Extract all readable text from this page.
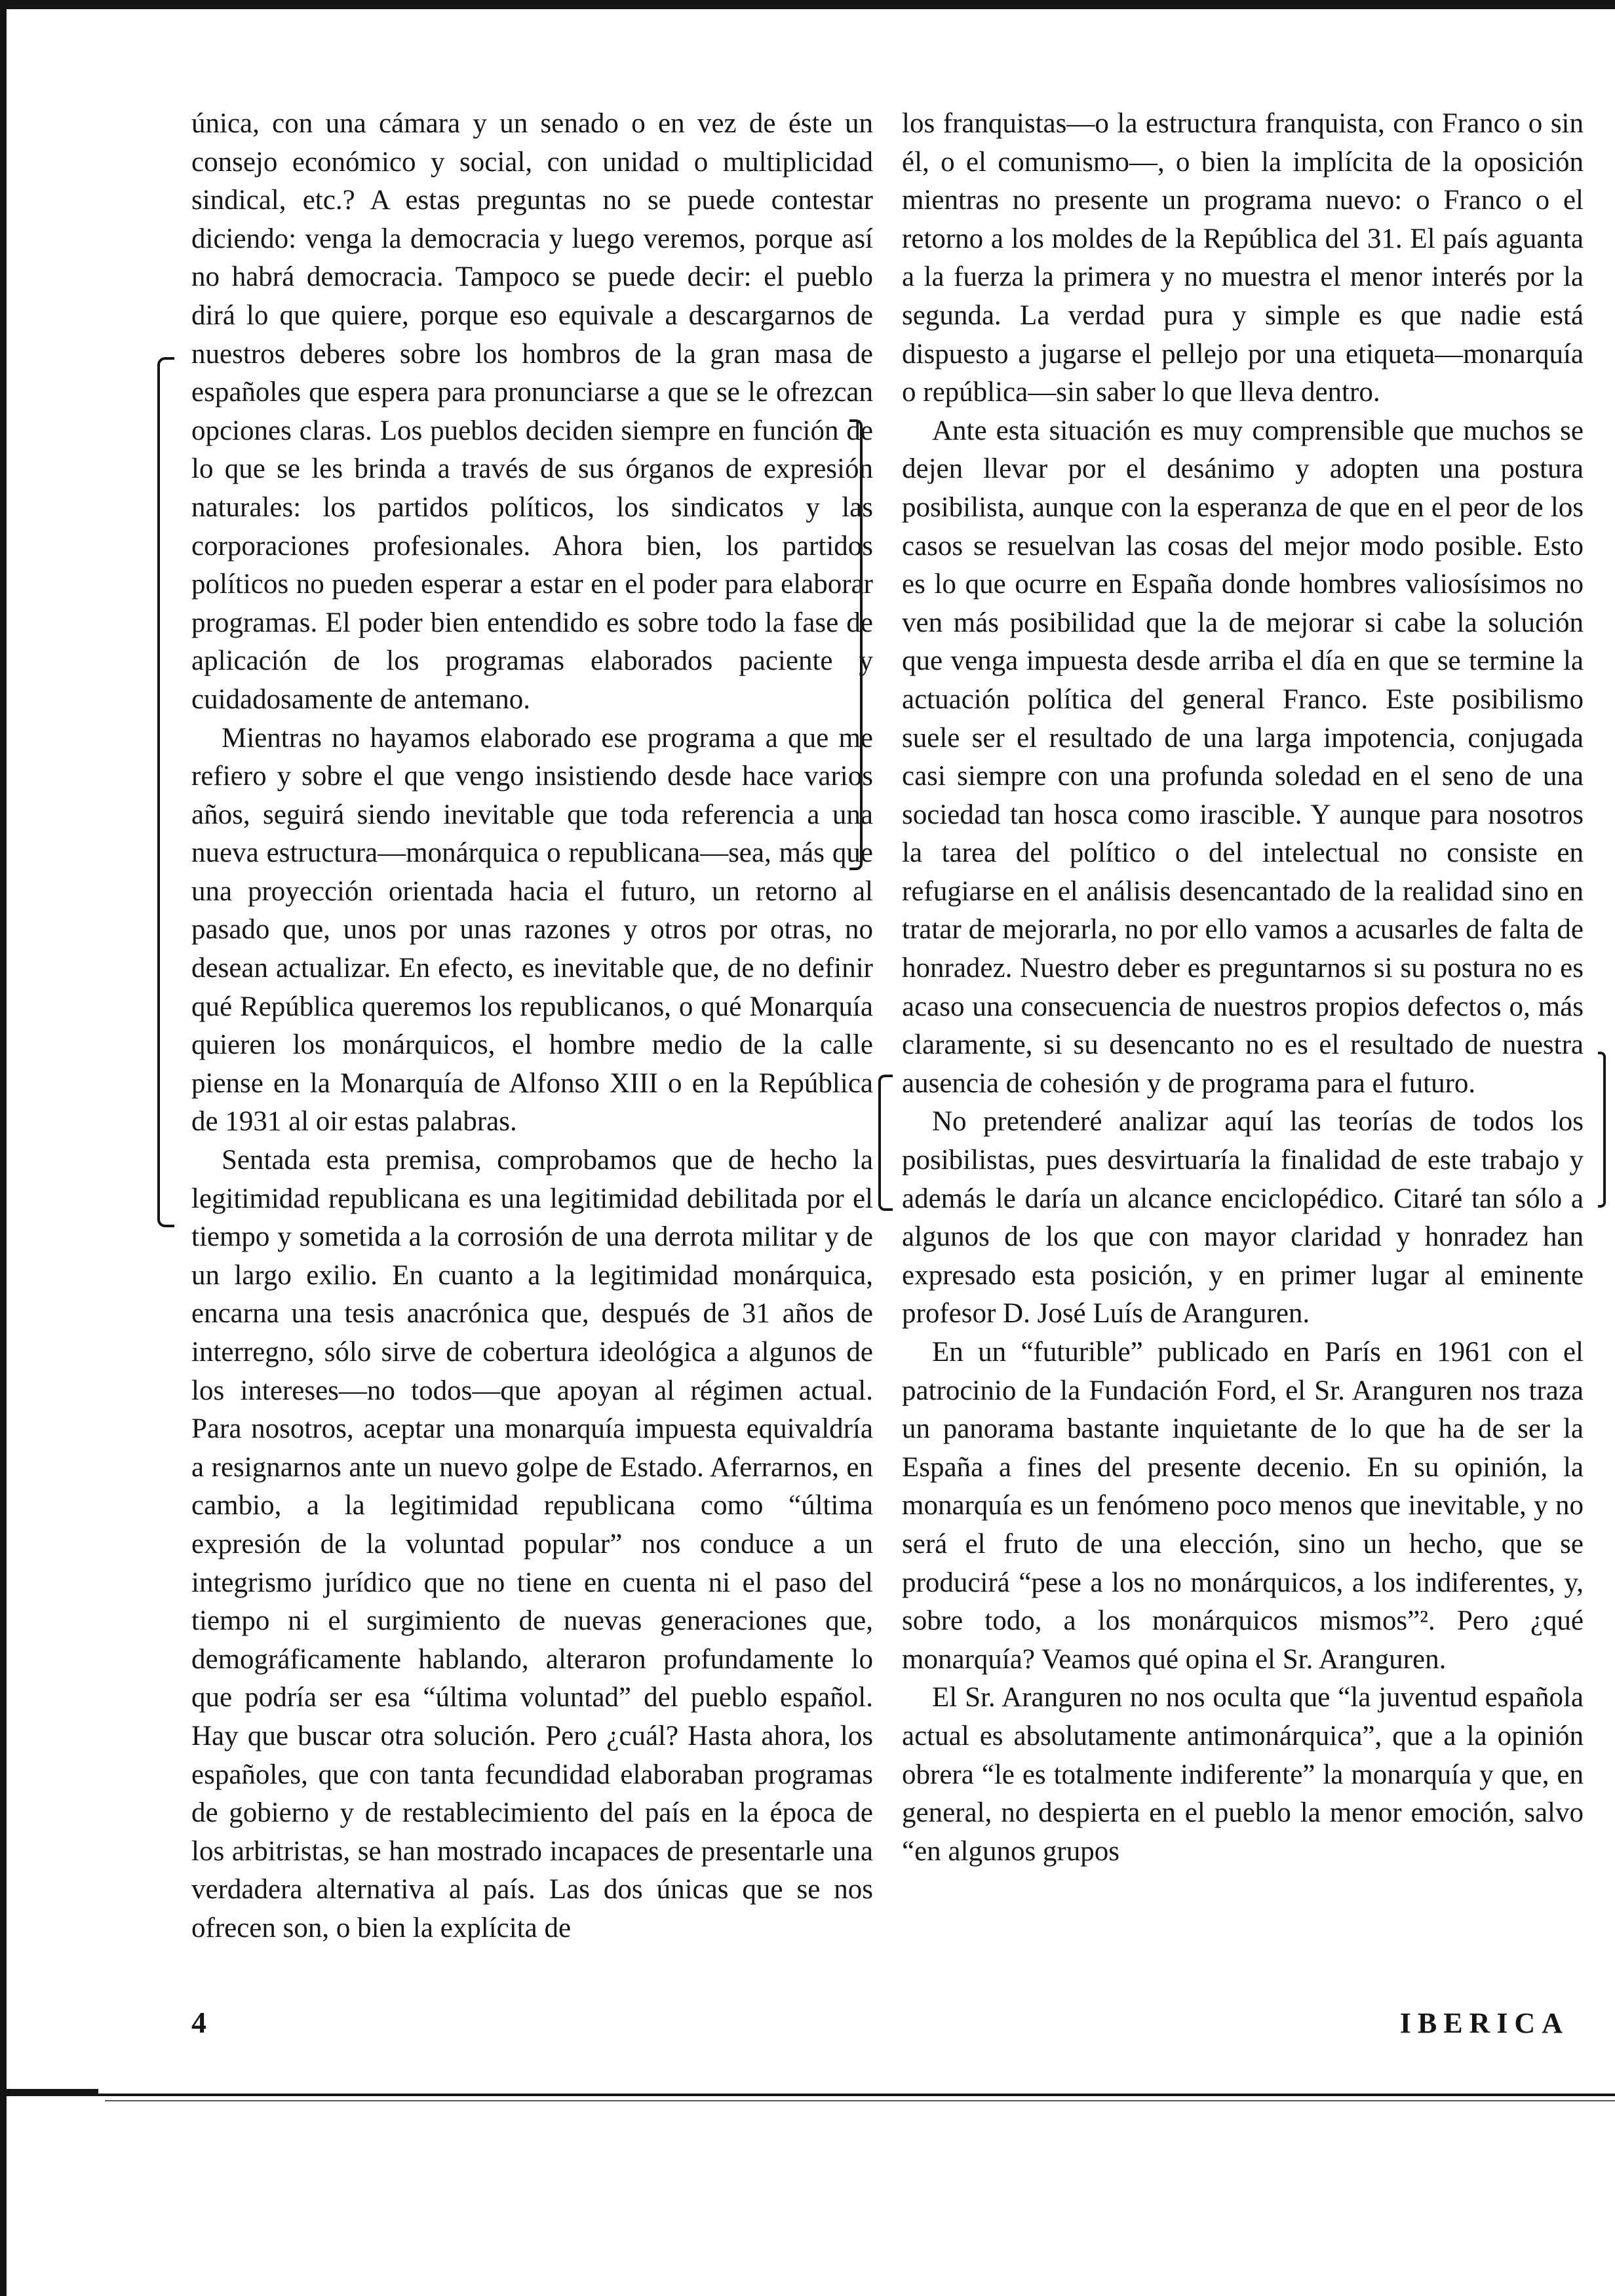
única, con una cámara y un senado o en vez de éste un consejo económico y social, con unidad o multiplicidad sindical, etc.? A estas preguntas no se puede contestar diciendo: venga la democracia y luego veremos, porque así no habrá democracia. Tampoco se puede decir: el pueblo dirá lo que quiere, porque eso equivale a descargarnos de nuestros deberes sobre los hombros de la gran masa de españoles que espera para pronunciarse a que se le ofrezcan opciones claras. Los pueblos deciden siempre en función de lo que se les brinda a través de sus órganos de expresión naturales: los partidos políticos, los sindicatos y las corporaciones profesionales. Ahora bien, los partidos políticos no pueden esperar a estar en el poder para elaborar programas. El poder bien entendido es sobre todo la fase de aplicación de los programas elaborados paciente y cuidadosamente de antemano.

Mientras no hayamos elaborado ese programa a que me refiero y sobre el que vengo insistiendo desde hace varios años, seguirá siendo inevitable que toda referencia a una nueva estructura—monárquica o republicana—sea, más que una proyección orientada hacia el futuro, un retorno al pasado que, unos por unas razones y otros por otras, no desean actualizar. En efecto, es inevitable que, de no definir qué República queremos los republicanos, o qué Monarquía quieren los monárquicos, el hombre medio de la calle piense en la Monarquía de Alfonso XIII o en la República de 1931 al oir estas palabras.

Sentada esta premisa, comprobamos que de hecho la legitimidad republicana es una legitimidad debilitada por el tiempo y sometida a la corrosión de una derrota militar y de un largo exilio. En cuanto a la legitimidad monárquica, encarna una tesis anacrónica que, después de 31 años de interregno, sólo sirve de cobertura ideológica a algunos de los intereses—no todos—que apoyan al régimen actual. Para nosotros, aceptar una monarquía impuesta equivaldría a resignarnos ante un nuevo golpe de Estado. Aferrarnos, en cambio, a la legitimidad republicana como “última expresión de la voluntad popular” nos conduce a un integrismo jurídico que no tiene en cuenta ni el paso del tiempo ni el surgimiento de nuevas generaciones que, demográficamente hablando, alteraron profundamente lo que podría ser esa “última voluntad” del pueblo español. Hay que buscar otra solución. Pero ¿cuál? Hasta ahora, los españoles, que con tanta fecundidad elaboraban programas de gobierno y de restablecimiento del país en la época de los arbitristas, se han mostrado incapaces de presentarle una verdadera alternativa al país. Las dos únicas que se nos ofrecen son, o bien la explícita de

los franquistas—o la estructura franquista, con Franco o sin él, o el comunismo—, o bien la implícita de la oposición mientras no presente un programa nuevo: o Franco o el retorno a los moldes de la República del 31. El país aguanta a la fuerza la primera y no muestra el menor interés por la segunda. La verdad pura y simple es que nadie está dispuesto a jugarse el pellejo por una etiqueta—monarquía o república—sin saber lo que lleva dentro.

Ante esta situación es muy comprensible que muchos se dejen llevar por el desánimo y adopten una postura posibilista, aunque con la esperanza de que en el peor de los casos se resuelvan las cosas del mejor modo posible. Esto es lo que ocurre en España donde hombres valiosísimos no ven más posibilidad que la de mejorar si cabe la solución que venga impuesta desde arriba el día en que se termine la actuación política del general Franco. Este posibilismo suele ser el resultado de una larga impotencia, conjugada casi siempre con una profunda soledad en el seno de una sociedad tan hosca como irascible. Y aunque para nosotros la tarea del político o del intelectual no consiste en refugiarse en el análisis desencantado de la realidad sino en tratar de mejorarla, no por ello vamos a acusarles de falta de honradez. Nuestro deber es preguntarnos si su postura no es acaso una consecuencia de nuestros propios defectos o, más claramente, si su desencanto no es el resultado de nuestra ausencia de cohesión y de programa para el futuro.

No pretenderé analizar aquí las teorías de todos los posibilistas, pues desvirtuaría la finalidad de este trabajo y además le daría un alcance enciclopédico. Citaré tan sólo a algunos de los que con mayor claridad y honradez han expresado esta posición, y en primer lugar al eminente profesor D. José Luís de Aranguren.

En un “futurible” publicado en París en 1961 con el patrocinio de la Fundación Ford, el Sr. Aranguren nos traza un panorama bastante inquietante de lo que ha de ser la España a fines del presente decenio. En su opinión, la monarquía es un fenómeno poco menos que inevitable, y no será el fruto de una elección, sino un hecho, que se producirá “pese a los no monárquicos, a los indiferentes, y, sobre todo, a los monárquicos mismos”². Pero ¿qué monarquía? Veamos qué opina el Sr. Aranguren.

El Sr. Aranguren no nos oculta que “la juventud española actual es absolutamente antimonárquica”, que a la opinión obrera “le es totalmente indiferente” la monarquía y que, en general, no despierta en el pueblo la menor emoción, salvo “en algunos grupos

4	IBERICA
